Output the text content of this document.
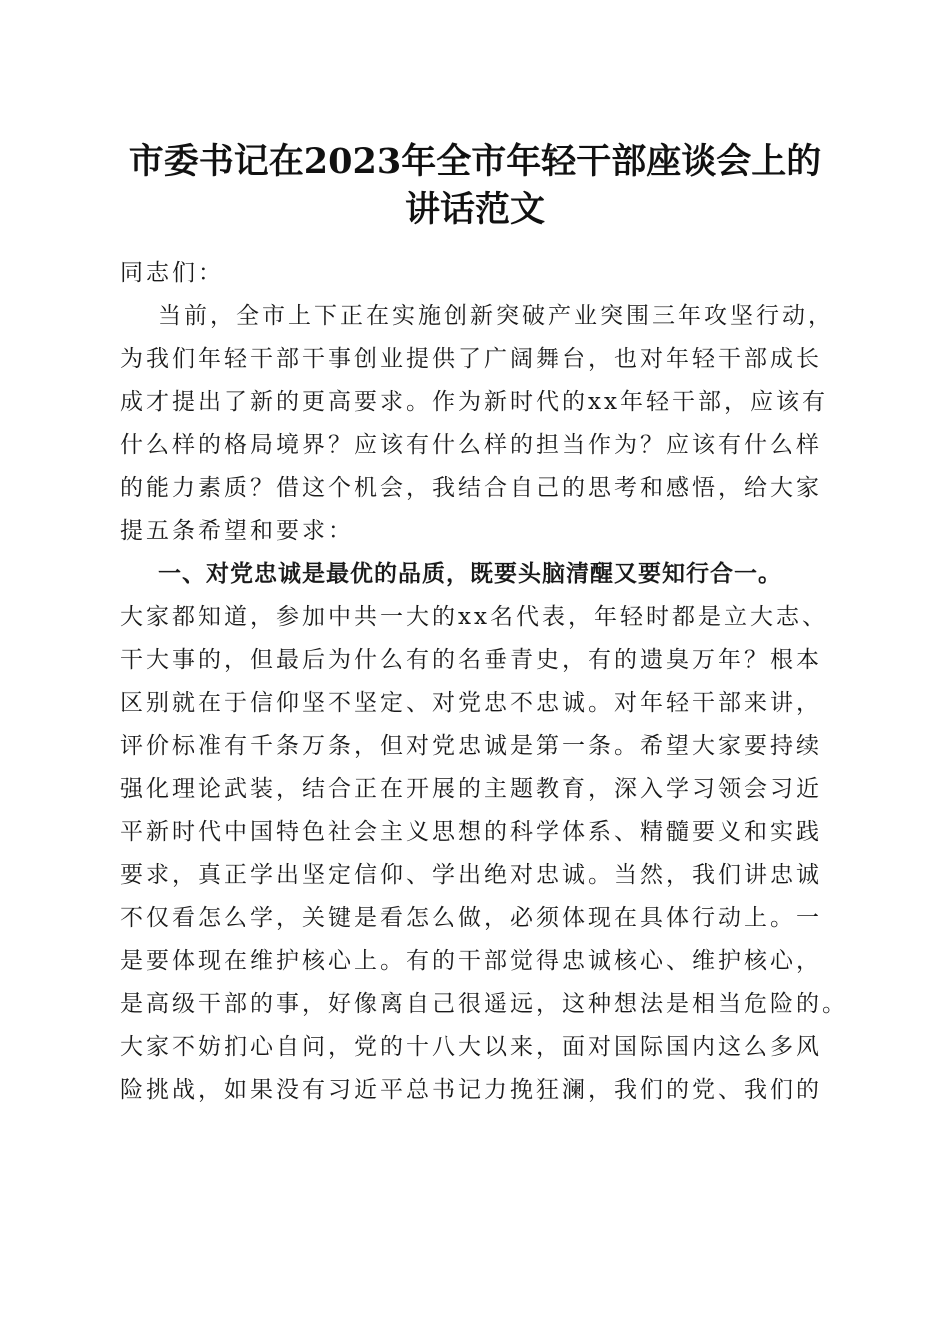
市委书记在2023年全市年轻干部座谈会上的
讲话范文
同志们：
当前，全市上下正在实施创新突破产业突围三年攻坚行动，
为我们年轻干部干事创业提供了广阔舞台，也对年轻干部成长
成才提出了新的更高要求。作为新时代的xx年轻干部，应该有
什么样的格局境界？应该有什么样的担当作为？应该有什么样
的能力素质？借这个机会，我结合自己的思考和感悟，给大家
提五条希望和要求：
一、对党忠诚是最优的品质，既要头脑清醒又要知行合一。
大家都知道，参加中共一大的xx名代表，年轻时都是立大志、
干大事的，但最后为什么有的名垂青史，有的遗臭万年？根本
区别就在于信仰坚不坚定、对党忠不忠诚。对年轻干部来讲，
评价标准有千条万条，但对党忠诚是第一条。希望大家要持续
强化理论武装，结合正在开展的主题教育，深入学习领会习近
平新时代中国特色社会主义思想的科学体系、精髓要义和实践
要求，真正学出坚定信仰、学出绝对忠诚。当然，我们讲忠诚
不仅看怎么学，关键是看怎么做，必须体现在具体行动上。一
是要体现在维护核心上。有的干部觉得忠诚核心、维护核心，
是高级干部的事，好像离自己很遥远，这种想法是相当危险的。
大家不妨扪心自问，党的十八大以来，面对国际国内这么多风
险挑战，如果没有习近平总书记力挽狂澜，我们的党、我们的
